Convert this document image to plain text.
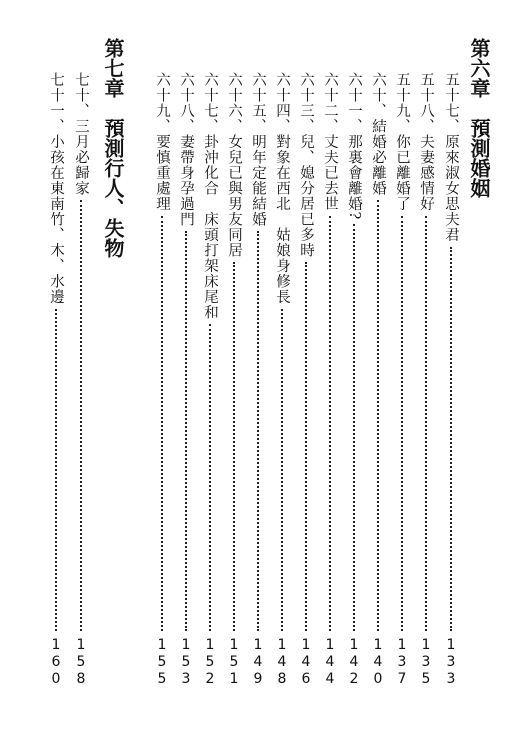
第六章預測婚姻
五十七、原來淑女思夫君
133
五十八、夫妻感情好
135
五十九、你已離婚了
137
六十、結婚必離婚
140
六十一、那裏會離婚?
142
六十二、丈夫已去世
144
六十三、兒、媳分居已多時
146
六十四、對象在西北　姑娘身修長
148
六十五、明年定能結婚
149
六十六、女兒已與男友同居
151
六十七、卦沖化合　床頭打架床尾和
152
六十八、妻帶身孕過門
153
六十九、要慎重處理
155
第七章預測行人、失物
七十、三月必歸家
158
七十一、小孩在東南竹、木、水邊
160
